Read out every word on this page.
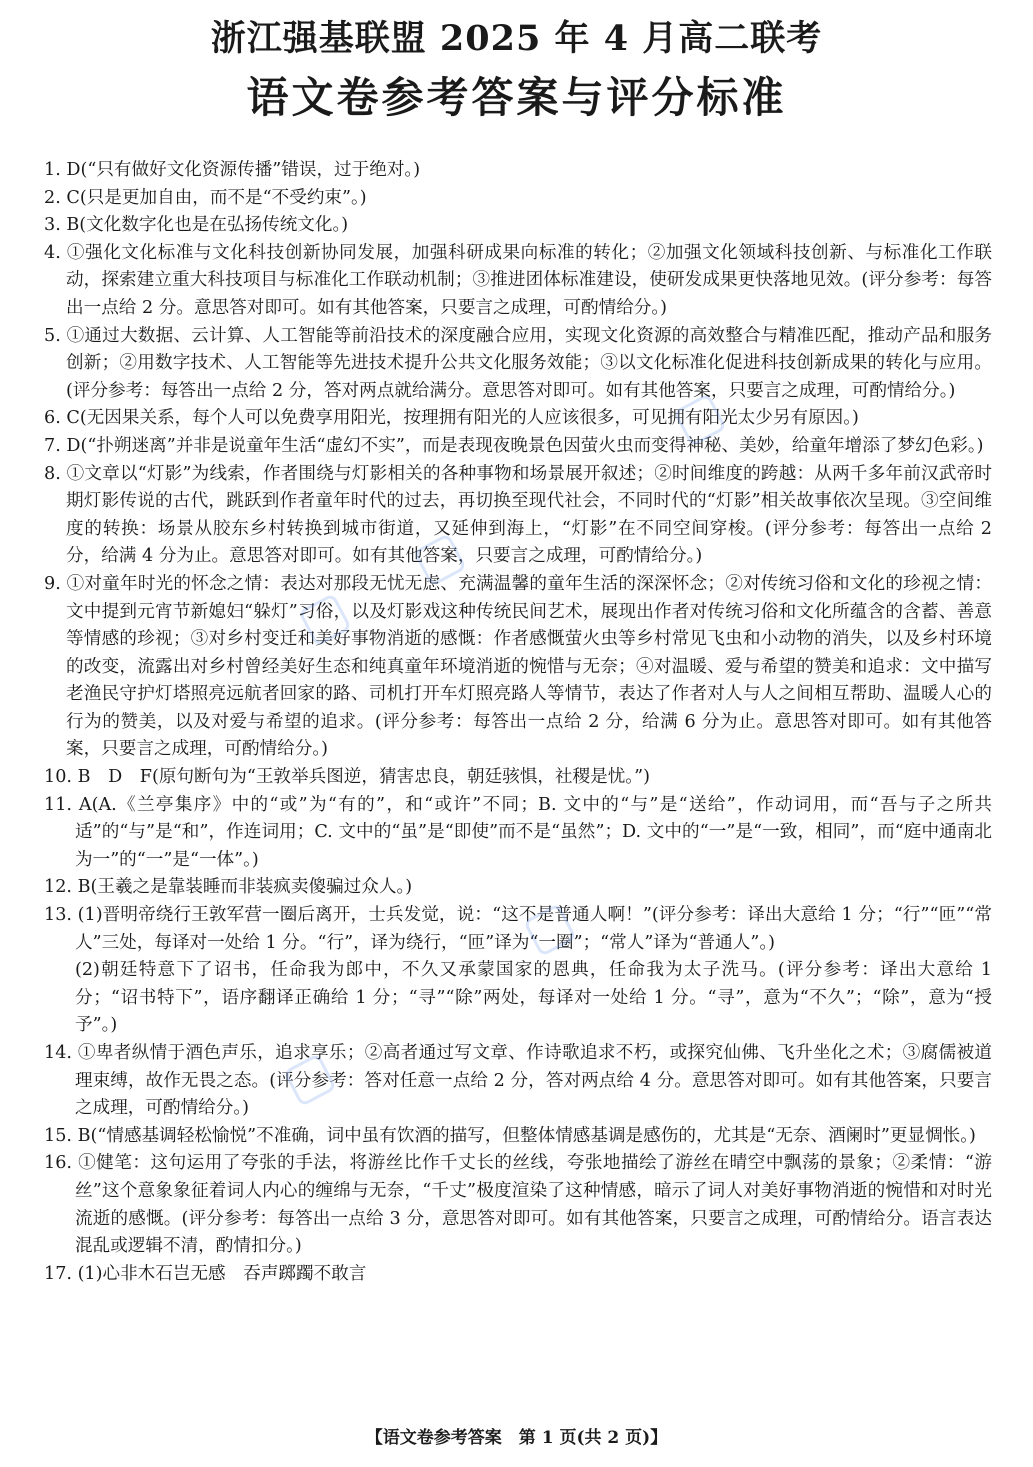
浙江强基联盟 2025 年 4 月高二联考
语文卷参考答案与评分标准

1. D(“只有做好文化资源传播”错误，过于绝对。)

2. C(只是更加自由，而不是“不受约束”。)

3. B(文化数字化也是在弘扬传统文化。)

4. ①强化文化标准与文化科技创新协同发展，加强科研成果向标准的转化；②加强文化领域科技创新、与标准化工作联动，探索建立重大科技项目与标准化工作联动机制；③推进团体标准建设，使研发成果更快落地见效。(评分参考：每答出一点给 2 分。意思答对即可。如有其他答案，只要言之成理，可酌情给分。)

5. ①通过大数据、云计算、人工智能等前沿技术的深度融合应用，实现文化资源的高效整合与精准匹配，推动产品和服务创新；②用数字技术、人工智能等先进技术提升公共文化服务效能；③以文化标准化促进科技创新成果的转化与应用。(评分参考：每答出一点给 2 分，答对两点就给满分。意思答对即可。如有其他答案，只要言之成理，可酌情给分。)

6. C(无因果关系，每个人可以免费享用阳光，按理拥有阳光的人应该很多，可见拥有阳光太少另有原因。)

7. D(“扑朔迷离”并非是说童年生活“虚幻不实”，而是表现夜晚景色因萤火虫而变得神秘、美妙，给童年增添了梦幻色彩。)

8. ①文章以“灯影”为线索，作者围绕与灯影相关的各种事物和场景展开叙述；②时间维度的跨越：从两千多年前汉武帝时期灯影传说的古代，跳跃到作者童年时代的过去，再切换至现代社会，不同时代的“灯影”相关故事依次呈现。③空间维度的转换：场景从胶东乡村转换到城市街道，又延伸到海上，“灯影”在不同空间穿梭。(评分参考：每答出一点给 2 分，给满 4 分为止。意思答对即可。如有其他答案，只要言之成理，可酌情给分。)

9. ①对童年时光的怀念之情：表达对那段无忧无虑、充满温馨的童年生活的深深怀念；②对传统习俗和文化的珍视之情：文中提到元宵节新媳妇“躲灯”习俗，以及灯影戏这种传统民间艺术，展现出作者对传统习俗和文化所蕴含的含蓄、善意等情感的珍视；③对乡村变迁和美好事物消逝的感慨：作者感慨萤火虫等乡村常见飞虫和小动物的消失，以及乡村环境的改变，流露出对乡村曾经美好生态和纯真童年环境消逝的惋惜与无奈；④对温暖、爱与希望的赞美和追求：文中描写老渔民守护灯塔照亮远航者回家的路、司机打开车灯照亮路人等情节，表达了作者对人与人之间相互帮助、温暖人心的行为的赞美，以及对爱与希望的追求。(评分参考：每答出一点给 2 分，给满 6 分为止。意思答对即可。如有其他答案，只要言之成理，可酌情给分。)

10. B　D　F(原句断句为“王敦举兵图逆，猜害忠良，朝廷骇惧，社稷是忧。”)

11. A(A.《兰亭集序》中的“或”为“有的”，和“或许”不同；B. 文中的“与”是“送给”，作动词用，而“吾与子之所共适”的“与”是“和”，作连词用；C. 文中的“虽”是“即使”而不是“虽然”；D. 文中的“一”是“一致，相同”，而“庭中通南北为一”的“一”是“一体”。)

12. B(王羲之是靠装睡而非装疯卖傻骗过众人。)

13. (1)晋明帝绕行王敦军营一圈后离开，士兵发觉，说：“这不是普通人啊！”(评分参考：译出大意给 1 分；“行”“匝”“常人”三处，每译对一处给 1 分。“行”，译为绕行，“匝”译为“一圈”；“常人”译为“普通人”。)

(2)朝廷特意下了诏书，任命我为郎中，不久又承蒙国家的恩典，任命我为太子洗马。(评分参考：译出大意给 1 分；“诏书特下”，语序翻译正确给 1 分；“寻”“除”两处，每译对一处给 1 分。“寻”，意为“不久”；“除”，意为“授予”。)

14. ①卑者纵情于酒色声乐，追求享乐；②高者通过写文章、作诗歌追求不朽，或探究仙佛、飞升坐化之术；③腐儒被道理束缚，故作无畏之态。(评分参考：答对任意一点给 2 分，答对两点给 4 分。意思答对即可。如有其他答案，只要言之成理，可酌情给分。)

15. B(“情感基调轻松愉悦”不准确，词中虽有饮酒的描写，但整体情感基调是感伤的，尤其是“无奈、酒阑时”更显惆怅。)

16. ①健笔：这句运用了夸张的手法，将游丝比作千丈长的丝线，夸张地描绘了游丝在晴空中飘荡的景象；②柔情：“游丝”这个意象象征着词人内心的缠绵与无奈，“千丈”极度渲染了这种情感，暗示了词人对美好事物消逝的惋惜和对时光流逝的感慨。(评分参考：每答出一点给 3 分，意思答对即可。如有其他答案，只要言之成理，可酌情给分。语言表达混乱或逻辑不清，酌情扣分。)

17. (1)心非木石岂无感　吞声踯躅不敢言

【语文卷参考答案　第 1 页(共 2 页)】
